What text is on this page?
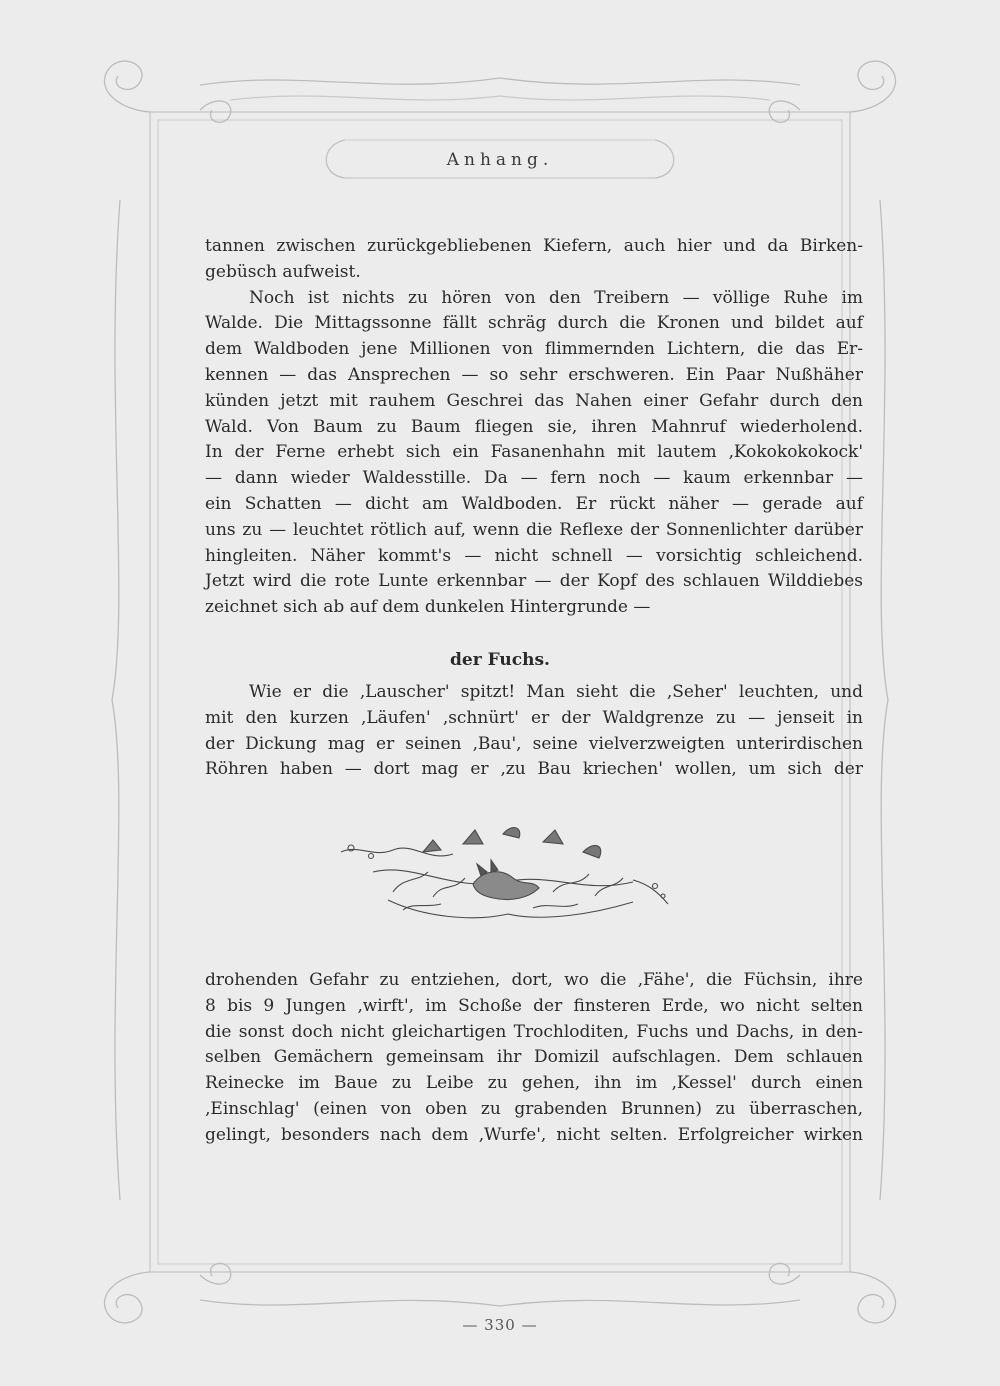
Anhang.
tannen zwischen zurückgebliebenen Kiefern, auch hier und da Birken-
gebüsch aufweist.
Noch ist nichts zu hören von den Treibern — völlige Ruhe im
Walde. Die Mittagssonne fällt schräg durch die Kronen und bildet auf
dem Waldboden jene Millionen von flimmernden Lichtern, die das Er-
kennen — das Ansprechen — so sehr erschweren. Ein Paar Nußhäher
künden jetzt mit rauhem Geschrei das Nahen einer Gefahr durch den
Wald. Von Baum zu Baum fliegen sie, ihren Mahnruf wiederholend.
In der Ferne erhebt sich ein Fasanenhahn mit lautem ‚Kokokokokock'
— dann wieder Waldesstille. Da — fern noch — kaum erkennbar —
ein Schatten — dicht am Waldboden. Er rückt näher — gerade auf
uns zu — leuchtet rötlich auf, wenn die Reflexe der Sonnenlichter darüber
hingleiten. Näher kommt's — nicht schnell — vorsichtig schleichend.
Jetzt wird die rote Lunte erkennbar — der Kopf des schlauen Wilddiebes
zeichnet sich ab auf dem dunkelen Hintergrunde —
der Fuchs.
Wie er die ‚Lauscher' spitzt! Man sieht die ‚Seher' leuchten, und
mit den kurzen ‚Läufen' ‚schnürt' er der Waldgrenze zu — jenseit in
der Dickung mag er seinen ‚Bau', seine vielverzweigten unterirdischen
Röhren haben — dort mag er ‚zu Bau kriechen' wollen, um sich der
drohenden Gefahr zu entziehen, dort, wo die ‚Fähe', die Füchsin, ihre
8 bis 9 Jungen ‚wirft', im Schoße der finsteren Erde, wo nicht selten
die sonst doch nicht gleichartigen Trochloditen, Fuchs und Dachs, in den-
selben Gemächern gemeinsam ihr Domizil aufschlagen. Dem schlauen
Reinecke im Baue zu Leibe zu gehen, ihn im ‚Kessel' durch einen
‚Einschlag' (einen von oben zu grabenden Brunnen) zu überraschen,
gelingt, besonders nach dem ‚Wurfe', nicht selten. Erfolgreicher wirken
— 330 —
